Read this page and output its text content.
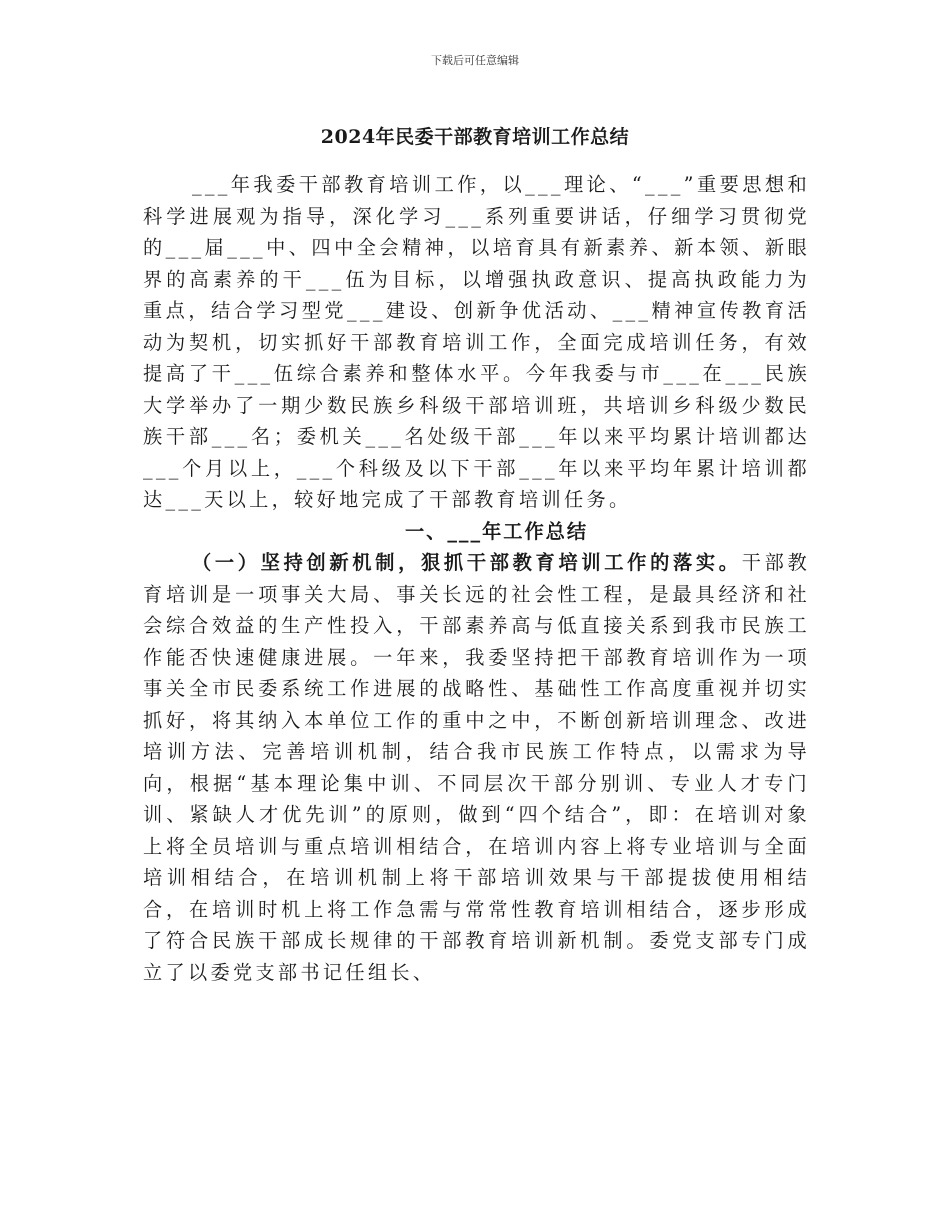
下载后可任意编辑
2024年民委干部教育培训工作总结

___年我委干部教育培训工作，以___理论、“___”重要思想和科学进展观为指导，深化学习___系列重要讲话，仔细学习贯彻党的___届___中、四中全会精神，以培育具有新素养、新本领、新眼界的高素养的干___伍为目标，以增强执政意识、提高执政能力为重点，结合学习型党___建设、创新争优活动、___精神宣传教育活动为契机，切实抓好干部教育培训工作，全面完成培训任务，有效提高了干___伍综合素养和整体水平。今年我委与市___在___民族大学举办了一期少数民族乡科级干部培训班，共培训乡科级少数民族干部___名；委机关___名处级干部___年以来平均累计培训都达___个月以上，___个科级及以下干部___年以来平均年累计培训都达___天以上，较好地完成了干部教育培训任务。

一、___年工作总结

（一）坚持创新机制，狠抓干部教育培训工作的落实。干部教育培训是一项事关大局、事关长远的社会性工程，是最具经济和社会综合效益的生产性投入，干部素养高与低直接关系到我市民族工作能否快速健康进展。一年来，我委坚持把干部教育培训作为一项事关全市民委系统工作进展的战略性、基础性工作高度重视并切实抓好，将其纳入本单位工作的重中之中，不断创新培训理念、改进培训方法、完善培训机制，结合我市民族工作特点，以需求为导向，根据“基本理论集中训、不同层次干部分别训、专业人才专门训、紧缺人才优先训”的原则，做到“四个结合”，即：在培训对象上将全员培训与重点培训相结合，在培训内容上将专业培训与全面培训相结合，在培训机制上将干部培训效果与干部提拔使用相结合，在培训时机上将工作急需与常常性教育培训相结合，逐步形成了符合民族干部成长规律的干部教育培训新机制。委党支部专门成立了以委党支部书记任组长、
